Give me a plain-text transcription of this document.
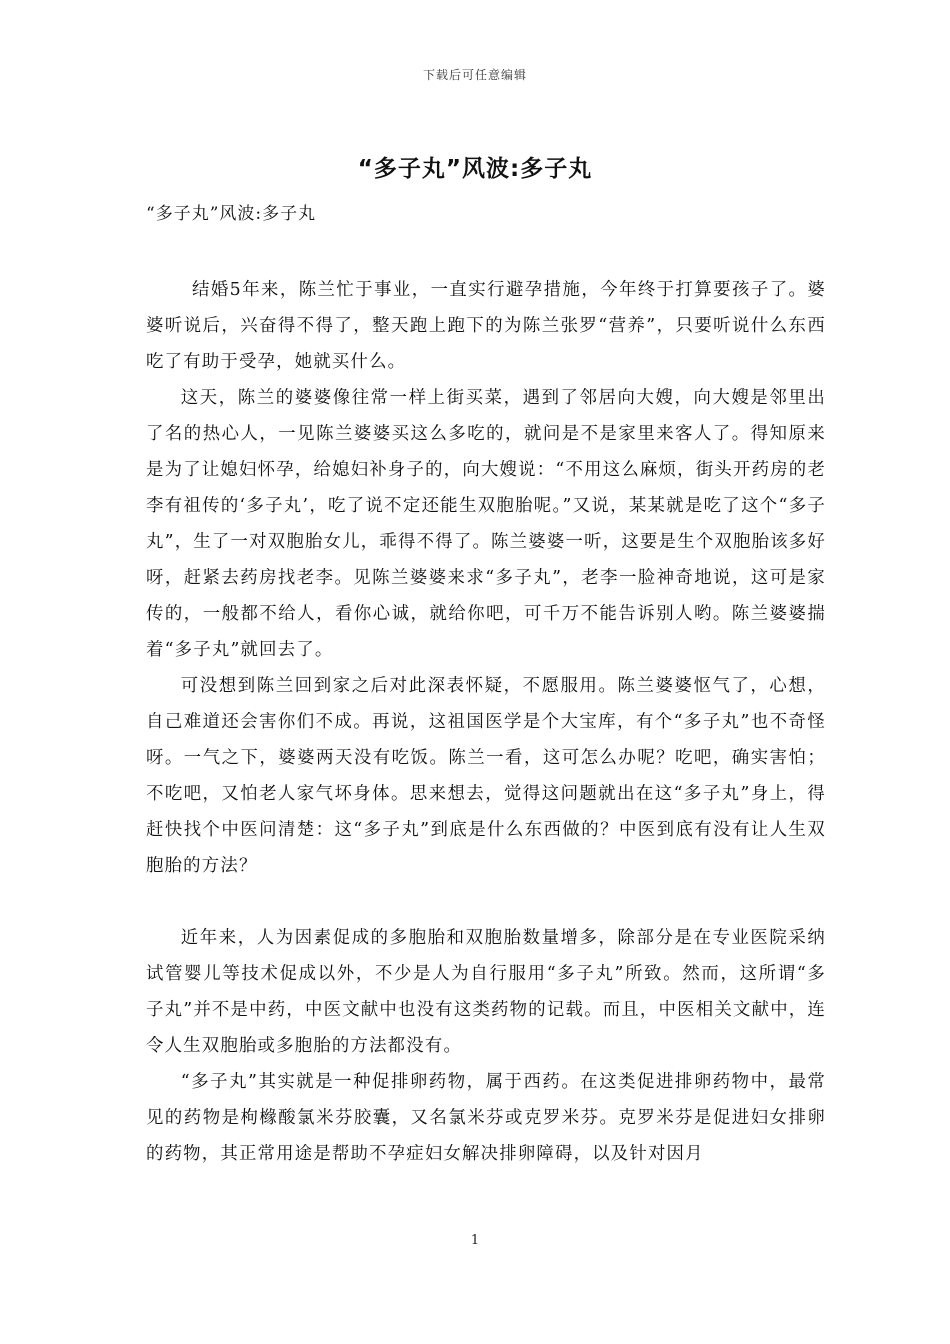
下载后可任意编辑
“多子丸”风波:多子丸
“多子丸”风波:多子丸

结婚5年来，陈兰忙于事业，一直实行避孕措施，今年终于打算要孩子了。婆婆听说后，兴奋得不得了，整天跑上跑下的为陈兰张罗“营养”，只要听说什么东西吃了有助于受孕，她就买什么。

这天，陈兰的婆婆像往常一样上街买菜，遇到了邻居向大嫂，向大嫂是邻里出了名的热心人，一见陈兰婆婆买这么多吃的，就问是不是家里来客人了。得知原来是为了让媳妇怀孕，给媳妇补身子的，向大嫂说：“不用这么麻烦，街头开药房的老李有祖传的‘多子丸’，吃了说不定还能生双胞胎呢。”又说，某某就是吃了这个“多子丸”，生了一对双胞胎女儿，乖得不得了。陈兰婆婆一听，这要是生个双胞胎该多好呀，赶紧去药房找老李。见陈兰婆婆来求“多子丸”，老李一脸神奇地说，这可是家传的，一般都不给人，看你心诚，就给你吧，可千万不能告诉别人哟。陈兰婆婆揣着“多子丸”就回去了。

可没想到陈兰回到家之后对此深表怀疑，不愿服用。陈兰婆婆怄气了，心想，自己难道还会害你们不成。再说，这祖国医学是个大宝库，有个“多子丸”也不奇怪呀。一气之下，婆婆两天没有吃饭。陈兰一看，这可怎么办呢？吃吧，确实害怕；不吃吧，又怕老人家气坏身体。思来想去，觉得这问题就出在这“多子丸”身上，得赶快找个中医问清楚：这“多子丸”到底是什么东西做的？中医到底有没有让人生双胞胎的方法？

近年来，人为因素促成的多胞胎和双胞胎数量增多，除部分是在专业医院采纳试管婴儿等技术促成以外，不少是人为自行服用“多子丸”所致。然而，这所谓“多子丸”并不是中药，中医文献中也没有这类药物的记载。而且，中医相关文献中，连令人生双胞胎或多胞胎的方法都没有。

“多子丸”其实就是一种促排卵药物，属于西药。在这类促进排卵药物中，最常见的药物是枸橼酸氯米芬胶囊，又名氯米芬或克罗米芬。克罗米芬是促进妇女排卵的药物，其正常用途是帮助不孕症妇女解决排卵障碍，以及针对因月

1
